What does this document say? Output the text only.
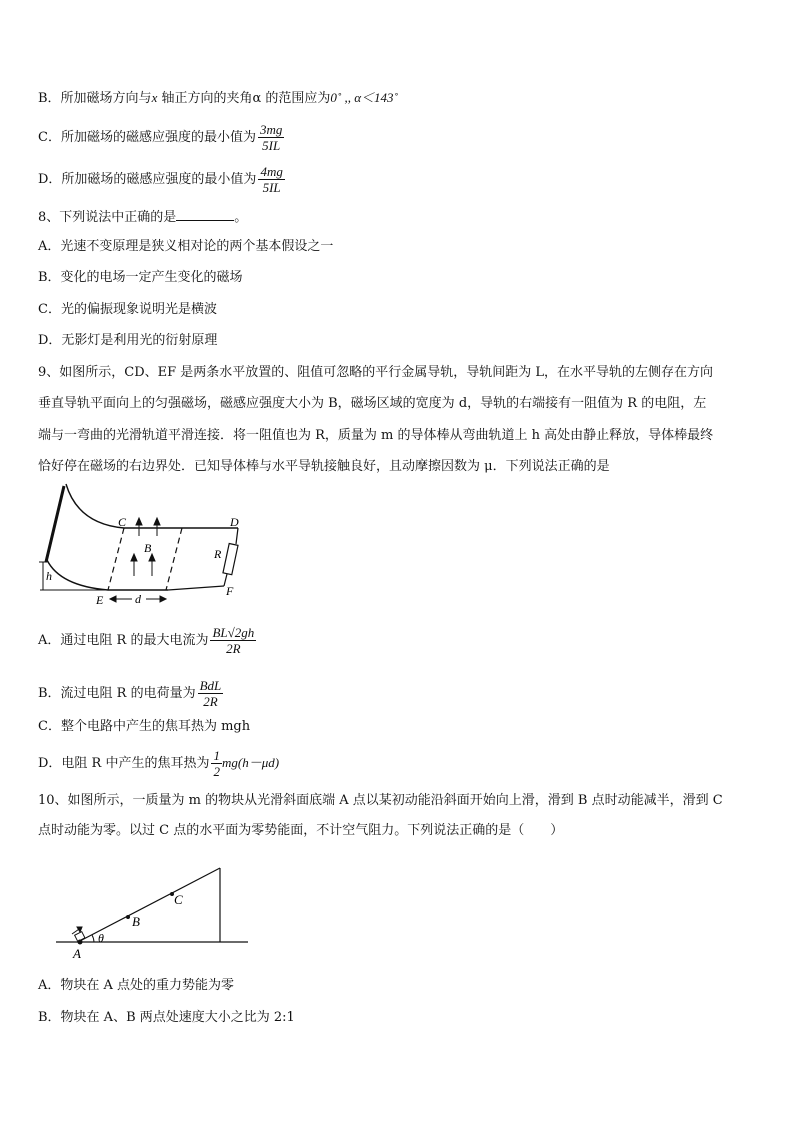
B．所加磁场方向与x 轴正方向的夹角α 的范围应为0˚ ,, α＜143˚
C．所加磁场的磁感应强度的最小值为 $\frac{3mg}{5IL}$
D．所加磁场的磁感应强度的最小值为 $\frac{4mg}{5IL}$
8、下列说法中正确的是	。
A．光速不变原理是狭义相对论的两个基本假设之一
B．变化的电场一定产生变化的磁场
C．光的偏振现象说明光是横波
D．无影灯是利用光的衍射原理
9、如图所示，CD、EF 是两条水平放置的、阻值可忽略的平行金属导轨，导轨间距为 L，在水平导轨的左侧存在方向
垂直导轨平面向上的匀强磁场，磁感应强度大小为 B，磁场区域的宽度为 d，导轨的右端接有一阻值为 R 的电阻，左
端与一弯曲的光滑轨道平滑连接．将一阻值也为 R，质量为 m 的导体棒从弯曲轨道上 h 高处由静止释放，导体棒最终
恰好停在磁场的右边界处．已知导体棒与水平导轨接触良好，且动摩擦因数为 μ．下列说法正确的是
C	D
B	R
h
E
F
d
A．通过电阻 R 的最大电流为 $\frac{BL√2gh}{2R}$
B．流过电阻 R 的电荷量为 $\frac{\text{BdL}}{2R}$
C．整个电路中产生的焦耳热为 mgh
D．电阻 R 中产生的焦耳热为 $\frac{1}{2} mg(h-\mu d)$
10、如图所示，一质量为 m 的物块从光滑斜面底端 A 点以某初动能沿斜面开始向上滑，滑到 B 点时动能减半，滑到 C
点时动能为零。以过 C 点的水平面为零势能面，不计空气阻力。下列说法正确的是（　　）
A
B
C
θ
A．物块在 A 点处的重力势能为零
B．物块在 A、B 两点处速度大小之比为 2:1
